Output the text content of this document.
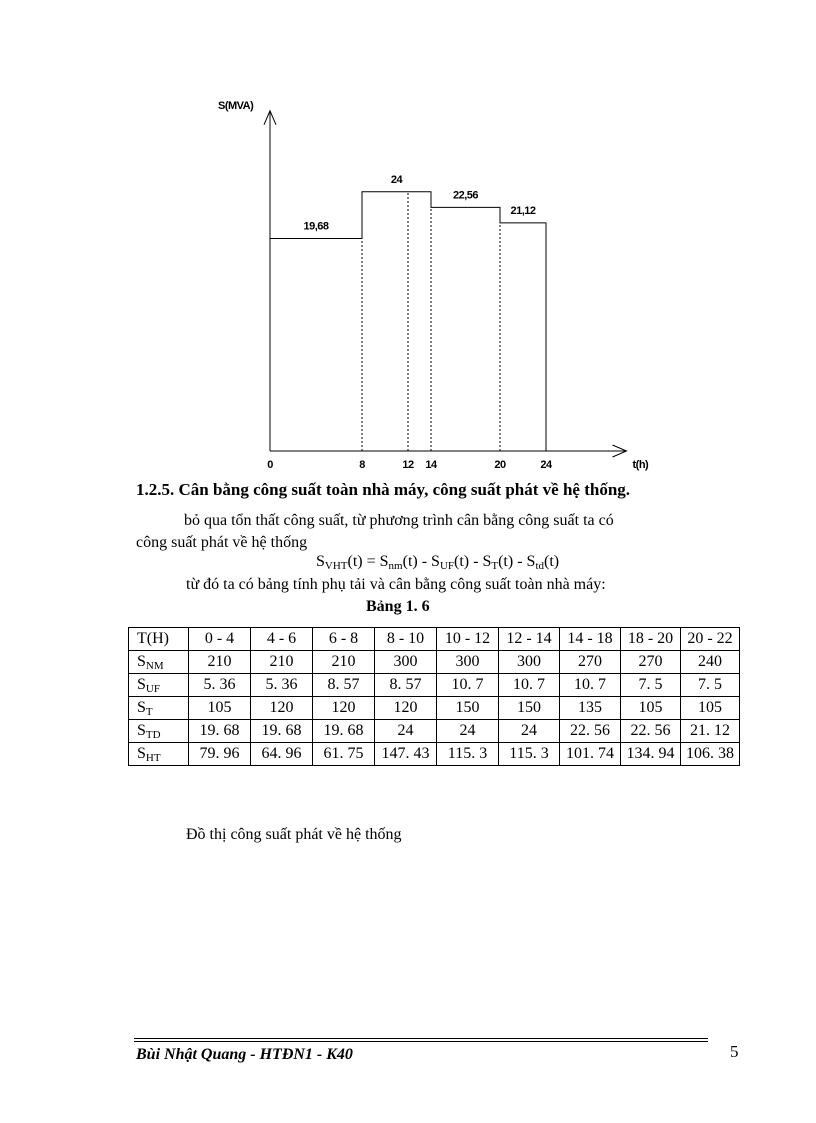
19,68
24
22,56
21,12
0	8	12 14	20	24	t(h)
S(MVA)
1.2.5. Cân bằng công suất toàn nhà máy, công suất phát về hệ thống.
bỏ qua tổn thất công suất, từ phương trình cân bằng công suất ta có
công suất phát về hệ thống
$S_{VHT}(t) = S_{nm}(t) - S_{UF}(t) - S_T(t) - S_{td}(t)$
từ đó ta có bảng tính phụ tải và cân bằng công suất toàn nhà máy:
Bảng 1. 6
T(H)	0 - 4	4 - 6	6 - 8	8 - 10	10 - 12	12 - 14	14 - 18	18 - 20	20 - 22
$S_{NM}$	210	210	210	300	300	300	270	270	240
$S_{UF}$	5. 36	5. 36	8. 57	8. 57	10. 7	10. 7	10. 7	7. 5	7. 5
$S_T$	105	120	120	120	150	150	135	105	105
$S_{TD}$	19. 68	19. 68	19. 68	24	24	24	22. 56	22. 56	21. 12
$S_{HT}$	79. 96	64. 96	61. 75	147. 43	115. 3	115. 3	101. 74	134. 94	106. 38
Đồ thị công suất phát về hệ thống
Bùi Nhật Quang - HTĐN1 - K40	5
